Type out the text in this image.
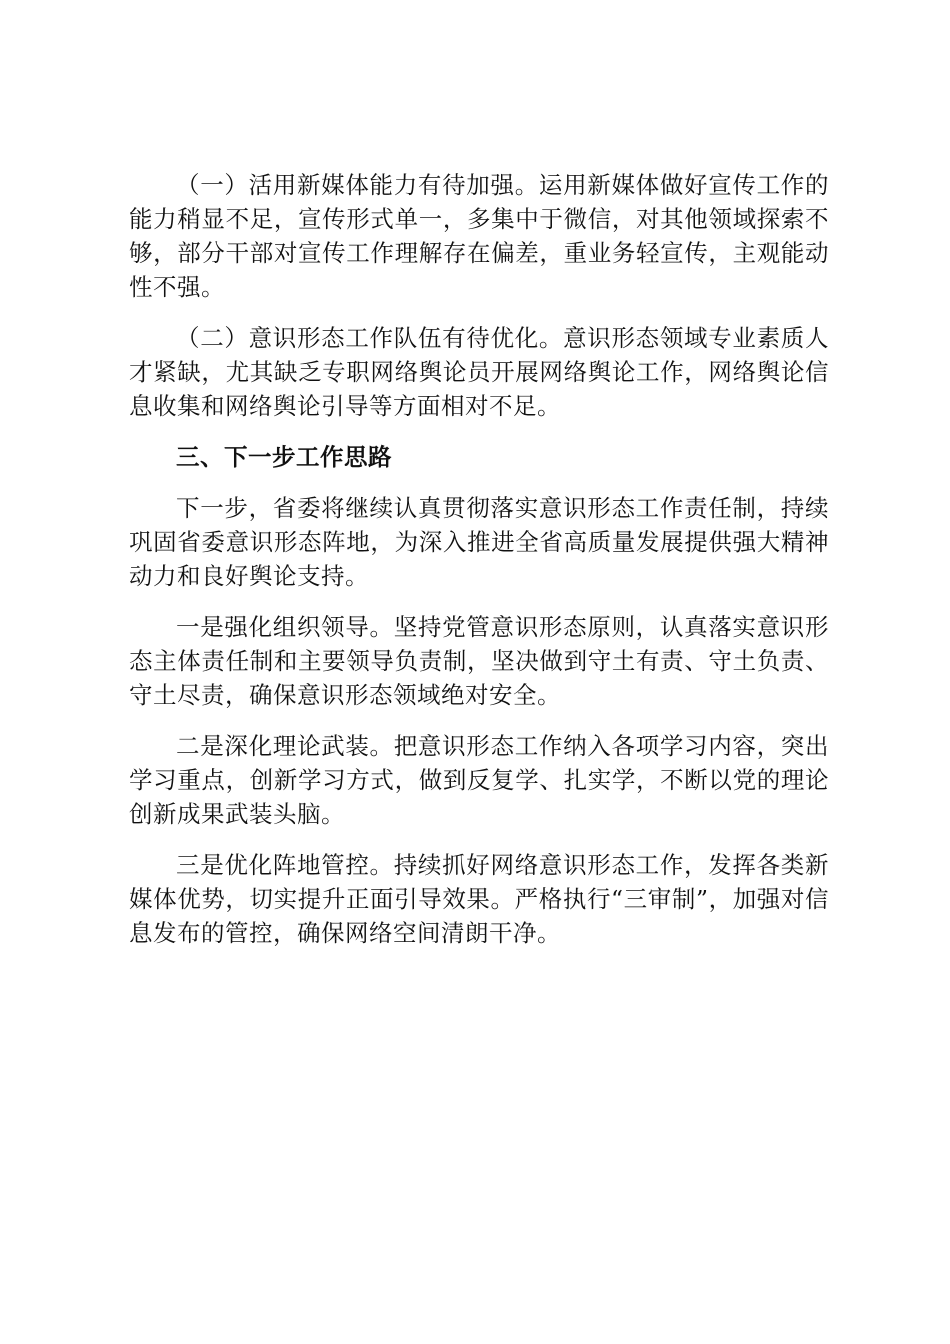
（一）活用新媒体能力有待加强。运用新媒体做好宣传工作的能力稍显不足，宣传形式单一，多集中于微信，对其他领域探索不够，部分干部对宣传工作理解存在偏差，重业务轻宣传，主观能动性不强。

（二）意识形态工作队伍有待优化。意识形态领域专业素质人才紧缺，尤其缺乏专职网络舆论员开展网络舆论工作，网络舆论信息收集和网络舆论引导等方面相对不足。

三、下一步工作思路

下一步，省委将继续认真贯彻落实意识形态工作责任制，持续巩固省委意识形态阵地，为深入推进全省高质量发展提供强大精神动力和良好舆论支持。

一是强化组织领导。坚持党管意识形态原则，认真落实意识形态主体责任制和主要领导负责制，坚决做到守土有责、守土负责、守土尽责，确保意识形态领域绝对安全。

二是深化理论武装。把意识形态工作纳入各项学习内容，突出学习重点，创新学习方式，做到反复学、扎实学，不断以党的理论创新成果武装头脑。

三是优化阵地管控。持续抓好网络意识形态工作，发挥各类新媒体优势，切实提升正面引导效果。严格执行“三审制”，加强对信息发布的管控，确保网络空间清朗干净。
